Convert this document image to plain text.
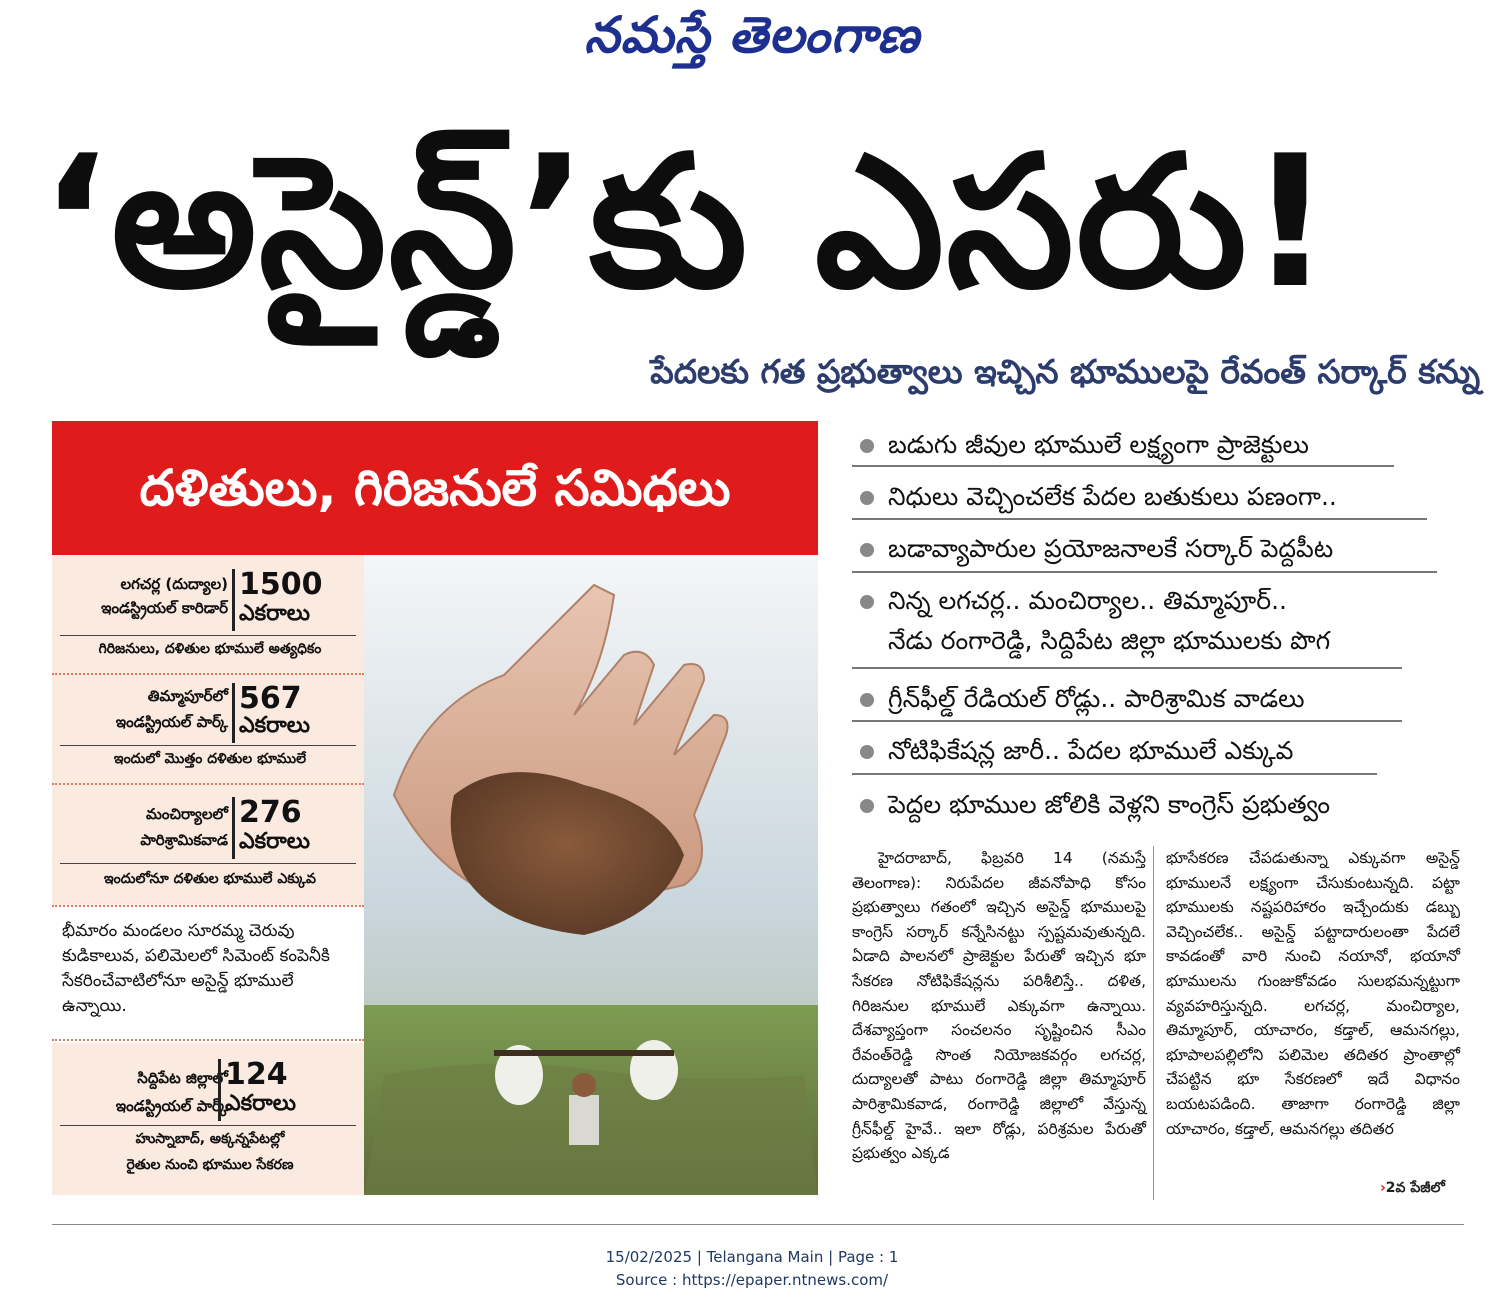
నమస్తే తెలంగాణ
‘అసైన్డ్’కు ఎసరు!
పేదలకు గత ప్రభుత్వాలు ఇచ్చిన భూములపై రేవంత్ సర్కార్ కన్ను
దళితులు, గిరిజనులే సమిధలు
లగచర్ల (దుద్యాల)
ఇండస్ట్రియల్ కారిడార్
1500
ఎకరాలు
గిరిజనులు, దళితుల భూములే అత్యధికం
తిమ్మాపూర్‌లో
ఇండస్ట్రియల్ పార్క్
567
ఎకరాలు
ఇందులో మొత్తం దళితుల భూములే
మంచిర్యాలలో
పారిశ్రామికవాడ
276
ఎకరాలు
ఇందులోనూ దళితుల భూములే ఎక్కువ
భీమారం మండలం సూరమ్మ చెరువు కుడికాలువ, పలిమెలలో సిమెంట్ కంపెనీకి సేకరించేవాటిలోనూ అసైన్డ్ భూములే ఉన్నాయి.
సిద్దిపేట జిల్లాలో
ఇండస్ట్రియల్ పార్క్
124
ఎకరాలు
హుస్నాబాద్, అక్కన్నపేటల్లో
రైతుల నుంచి భూముల సేకరణ
బడుగు జీవుల భూములే లక్ష్యంగా ప్రాజెక్టులు
నిధులు వెచ్చించలేక పేదల బతుకులు పణంగా..
బడావ్యాపారుల ప్రయోజనాలకే సర్కార్ పెద్దపీట
నిన్న లగచర్ల.. మంచిర్యాల.. తిమ్మాపూర్..
నేడు రంగారెడ్డి, సిద్దిపేట జిల్లా భూములకు పొగ
గ్రీన్‌ఫీల్డ్ రేడియల్ రోడ్లు.. పారిశ్రామిక వాడలు
నోటిఫికేషన్ల జారీ.. పేదల భూములే ఎక్కువ
పెద్దల భూముల జోలికి వెళ్లని కాంగ్రెస్ ప్రభుత్వం

హైదరాబాద్, ఫిబ్రవరి 14 (నమస్తే తెలంగాణ): నిరుపేదల జీవనోపాధి కోసం ప్రభుత్వాలు గతంలో ఇచ్చిన అసైన్డ్ భూములపై కాంగ్రెస్ సర్కార్ కన్నేసినట్టు స్పష్టమవుతున్నది. ఏడాది పాలనలో ప్రాజెక్టుల పేరుతో ఇచ్చిన భూ సేకరణ నోటిఫికేషన్లను పరిశీలిస్తే.. దళిత, గిరిజనుల భూములే ఎక్కువగా ఉన్నాయి. దేశవ్యాప్తంగా సంచలనం సృష్టించిన సీఎం రేవంత్‌రెడ్డి సొంత నియోజకవర్గం లగచర్ల, దుద్యాలతో పాటు రంగారెడ్డి జిల్లా తిమ్మాపూర్ పారిశ్రామికవాడ, రంగారెడ్డి జిల్లాలో వేస్తున్న గ్రీన్‌ఫీల్డ్ హైవే.. ఇలా రోడ్లు, పరిశ్రమల పేరుతో ప్రభుత్వం ఎక్కడ

భూసేకరణ చేపడుతున్నా ఎక్కువగా అసైన్డ్ భూములనే లక్ష్యంగా చేసుకుంటున్నది. పట్టా భూములకు నష్టపరిహారం ఇచ్చేందుకు డబ్బు వెచ్చించలేక.. అసైన్డ్ పట్టాదారులంతా పేదలే కావడంతో వారి నుంచి నయానో, భయానో భూములను గుంజుకోవడం సులభమన్నట్టుగా వ్యవహరిస్తున్నది. లగచర్ల, మంచిర్యాల, తిమ్మాపూర్, యాచారం, కడ్తాల్, ఆమనగల్లు, భూపాలపల్లిలోని పలిమెల తదితర ప్రాంతాల్లో చేపట్టిన భూ సేకరణలో ఇదే విధానం బయటపడింది. తాజాగా రంగారెడ్డి జిల్లా యాచారం, కడ్తాల్, ఆమనగల్లు తదితర

›2వ పేజీలో
15/02/2025 | Telangana Main | Page : 1
Source : https://epaper.ntnews.com/
